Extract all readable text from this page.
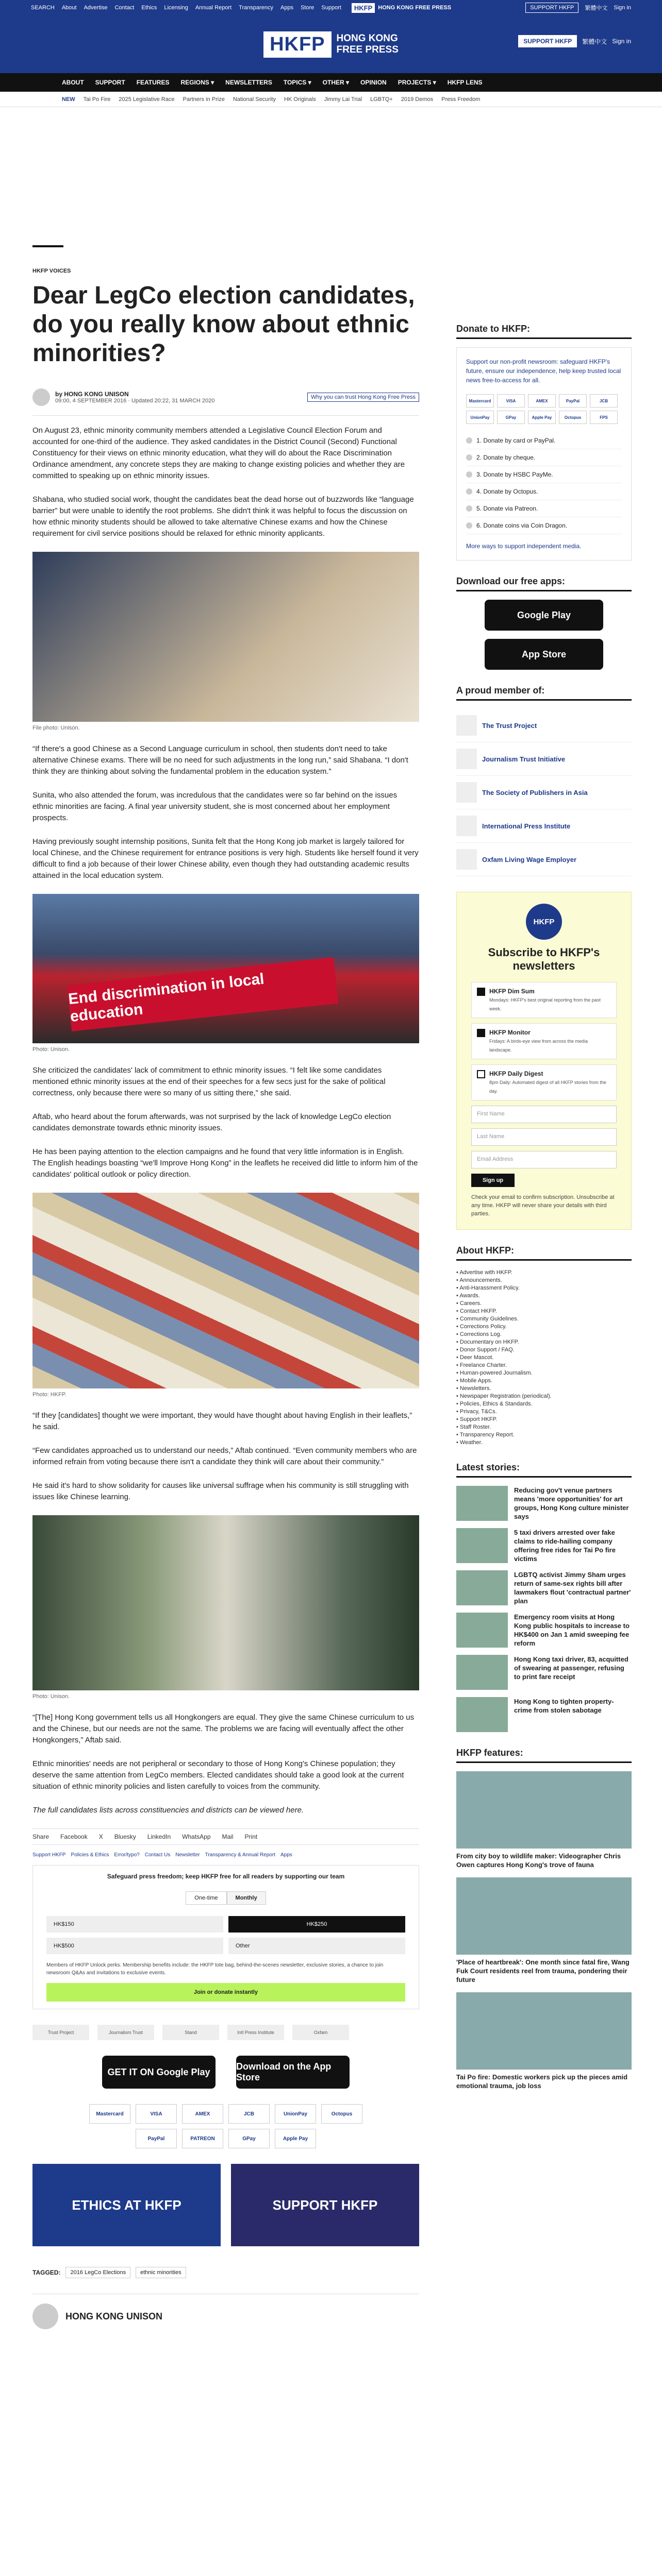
SEARCH About Advertise Contact Ethics Licensing Annual Report Transparency Apps Store Support	HKFP	HONG KONG FREE PRESS	SUPPORT HKFP	繁體中文 Sign in
HKFP	HONG KONG
FREE PRESS
SUPPORT HKFP	繁體中文 Sign in
ABOUT SUPPORT FEATURES REGIONS ▾ NEWSLETTERS TOPICS ▾ OTHER ▾ OPINION PROJECTS ▾ HKFP LENS
NEW Tai Po Fire 2025 Legislative Race Partners in Prize National Security HK Originals Jimmy Lai Trial LGBTQ+ 2019 Demos Press Freedom
HKFP VOICES
Dear LegCo election candidates, do you really know about ethnic minorities?
by HONG KONG UNISON
09:00, 4 SEPTEMBER 2016 · Updated 20:22, 31 MARCH 2020
Why you can trust Hong Kong Free Press

On August 23, ethnic minority community members attended a Legislative Council Election Forum and accounted for one-third of the audience. They asked candidates in the District Council (Second) Functional Constituency for their views on ethnic minority education, what they will do about the Race Discrimination Ordinance amendment, any concrete steps they are making to change existing policies and whether they are committed to speaking up on ethnic minority issues.

Shabana, who studied social work, thought the candidates beat the dead horse out of buzzwords like “language barrier” but were unable to identify the root problems. She didn't think it was helpful to focus the discussion on how ethnic minority students should be allowed to take alternative Chinese exams and how the Chinese requirement for civil service positions should be relaxed for ethnic minority applicants.

File photo: Unison.

“If there's a good Chinese as a Second Language curriculum in school, then students don't need to take alternative Chinese exams. There will be no need for such adjustments in the long run,” said Shabana. “I don't think they are thinking about solving the fundamental problem in the education system.”

Sunita, who also attended the forum, was incredulous that the candidates were so far behind on the issues ethnic minorities are facing. A final year university student, she is most concerned about her employment prospects.

Having previously sought internship positions, Sunita felt that the Hong Kong job market is largely tailored for local Chinese, and the Chinese requirement for entrance positions is very high. Students like herself found it very difficult to find a job because of their lower Chinese ability, even though they had outstanding academic results attained in the local education system.

End discrimination in local education
Photo: Unison.

She criticized the candidates' lack of commitment to ethnic minority issues. “I felt like some candidates mentioned ethnic minority issues at the end of their speeches for a few secs just for the sake of political correctness, only because there were so many of us sitting there,” she said.

Aftab, who heard about the forum afterwards, was not surprised by the lack of knowledge LegCo election candidates demonstrate towards ethnic minority issues.

He has been paying attention to the election campaigns and he found that very little information is in English. The English headings boasting “we'll Improve Hong Kong” in the leaflets he received did little to inform him of the candidates' political outlook or policy direction.

Photo: HKFP.

“If they [candidates] thought we were important, they would have thought about having English in their leaflets,” he said.

“Few candidates approached us to understand our needs,” Aftab continued. “Even community members who are informed refrain from voting because there isn't a candidate they think will care about their community.”

He said it's hard to show solidarity for causes like universal suffrage when his community is still struggling with issues like Chinese learning.

Photo: Unison.

“[The] Hong Kong government tells us all Hongkongers are equal. They give the same Chinese curriculum to us and the Chinese, but our needs are not the same. The problems we are facing will eventually affect the other Hongkongers,” Aftab said.

Ethnic minorities' needs are not peripheral or secondary to those of Hong Kong's Chinese population; they deserve the same attention from LegCo members. Elected candidates should take a good look at the current situation of ethnic minority policies and listen carefully to voices from the community.

The full candidates lists across constituencies and districts can be viewed here.

Share Facebook X Bluesky LinkedIn WhatsApp Mail Print
Support HKFP Policies & Ethics Error/typo? Contact Us Newsletter Transparency & Annual Report Apps
Safeguard press freedom; keep HKFP free for all readers by supporting our team
One-time	Monthly
HK$150	HK$250
HK$500	Other
Members of HKFP Unlock perks. Membership benefits include: the HKFP tote bag, behind-the-scenes newsletter, exclusive stories, a chance to join newsroom Q&As and invitations to exclusive events.
Join or donate instantly
Trust Project	Journalism Trust	Stand	Intl Press Institute	Oxfam
GET IT ON Google Play
Download on the App Store
Mastercard	VISA	AMEX	JCB	UnionPay	Octopus
PayPal	PATREON	GPay	Apple Pay
ETHICS AT HKFP	SUPPORT HKFP
TAGGED:	2016 LegCo Elections	ethnic minorities
HONG KONG UNISON
Donate to HKFP:
Support our non-profit newsroom: safeguard HKFP's future, ensure our independence, help keep trusted local news free-to-access for all.
Mastercard	VISA	AMEX	PayPal	JCB
UnionPay	GPay	Apple Pay	Octopus	FPS
1. Donate by card or PayPal.
2. Donate by cheque.
3. Donate by HSBC PayMe.
4. Donate by Octopus.
5. Donate via Patreon.
6. Donate coins via Coin Dragon.
More ways to support independent media.
Download our free apps:
Google Play
App Store
A proud member of:
The Trust Project
Journalism Trust Initiative
The Society of Publishers in Asia
International Press Institute
Oxfam Living Wage Employer
HKFP
Subscribe to HKFP's newsletters
HKFP Dim Sum
Mondays: HKFP's best original reporting from the past week.
HKFP Monitor
Fridays: A birds-eye view from across the media landscape.
HKFP Daily Digest
8pm Daily: Automated digest of all HKFP stories from the day.
First Name
Last Name
Email Address
Sign up
Check your email to confirm subscription. Unsubscribe at any time. HKFP will never share your details with third parties.
About HKFP:
• Advertise with HKFP.
• Announcements.
• Anti-Harassment Policy.
• Awards.
• Careers.
• Contact HKFP.
• Community Guidelines.
• Corrections Policy.
• Corrections Log.
• Documentary on HKFP.
• Donor Support / FAQ.
• Deer Mascot.
• Freelance Charter.
• Human-powered Journalism.
• Mobile Apps.
• Newsletters.
• Newspaper Registration (periodical).
• Policies, Ethics & Standards.
• Privacy, T&Cs.
• Support HKFP.
• Staff Roster.
• Transparency Report.
• Weather.
Latest stories:
Reducing gov't venue partners means 'more opportunities' for art groups, Hong Kong culture minister says
5 taxi drivers arrested over fake claims to ride-hailing company offering free rides for Tai Po fire victims
LGBTQ activist Jimmy Sham urges return of same-sex rights bill after lawmakers flout 'contractual partner' plan
Emergency room visits at Hong Kong public hospitals to increase to HK$400 on Jan 1 amid sweeping fee reform
Hong Kong taxi driver, 83, acquitted of swearing at passenger, refusing to print fare receipt
Hong Kong to tighten property-crime from stolen sabotage
HKFP features:
From city boy to wildlife maker: Videographer Chris Owen captures Hong Kong's trove of fauna
'Place of heartbreak': One month since fatal fire, Wang Fuk Court residents reel from trauma, pondering their future
Tai Po fire: Domestic workers pick up the pieces amid emotional trauma, job loss
